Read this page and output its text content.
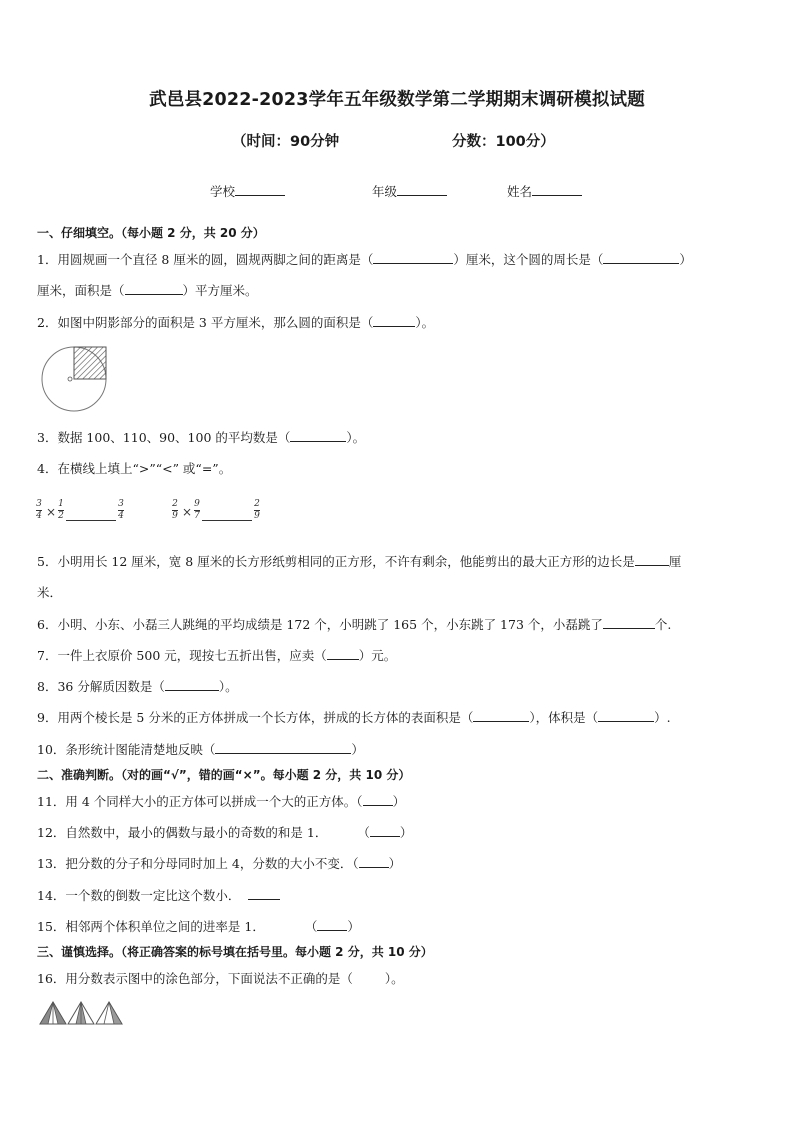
武邑县2022-2023学年五年级数学第二学期期末调研模拟试题
（时间：90分钟	分数：100分）
学校	年级	姓名
一、仔细填空。（每小题 2 分，共 20 分）
1．用圆规画一个直径 8 厘米的圆，圆规两脚之间的距离是（	）厘米，这个圆的周长是（	）
厘米，面积是（	）平方厘米。
2．如图中阴影部分的面积是 3 平方厘米，那么圆的面积是（	）。
3．数据 100、110、90、100 的平均数是（	）。
4．在横线上填上“>”“<” 或“=”。
3
4 ×
1
2
3
4
2
9 ×
9
7
2
9
5．小明用长 12 厘米，宽 8 厘米的长方形纸剪相同的正方形，不许有剩余，他能剪出的最大正方形的边长是	厘
米．
6．小明、小东、小磊三人跳绳的平均成绩是 172 个，小明跳了 165 个，小东跳了 173 个，小磊跳了	个.
7．一件上衣原价 500 元，现按七五折出售，应卖（	）元。
8．36 分解质因数是（	）。
9．用两个棱长是 5 分米的正方体拼成一个长方体，拼成的长方体的表面积是（	），体积是（	）.
10．条形统计图能清楚地反映（	）
二、准确判断。（对的画“√”，错的画“×”。每小题 2 分，共 10 分）
11．用 4 个同样大小的正方体可以拼成一个大的正方体。（ ）
12．自然数中，最小的偶数与最小的奇数的和是 1． （ ）
13．把分数的分子和分母同时加上 4，分数的大小不变．（ ）
14．一个数的倒数一定比这个数小．
15．相邻两个体积单位之间的进率是 1．	（ ）
三、谨慎选择。（将正确答案的标号填在括号里。每小题 2 分，共 10 分）
16．用分数表示图中的涂色部分，下面说法不正确的是（	）。
